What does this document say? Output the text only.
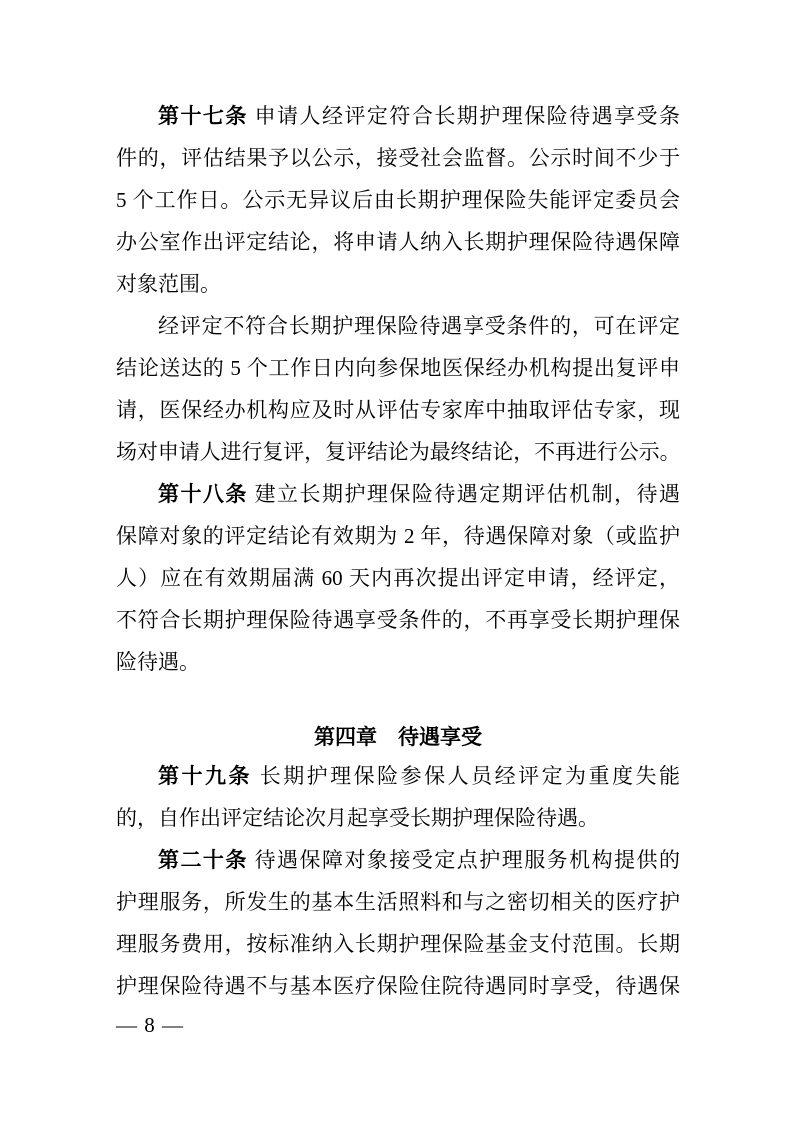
第十七条 申请人经评定符合长期护理保险待遇享受条
件的，评估结果予以公示，接受社会监督。公示时间不少于
5 个工作日。公示无异议后由长期护理保险失能评定委员会
办公室作出评定结论，将申请人纳入长期护理保险待遇保障
对象范围。
经评定不符合长期护理保险待遇享受条件的，可在评定
结论送达的 5 个工作日内向参保地医保经办机构提出复评申
请，医保经办机构应及时从评估专家库中抽取评估专家，现
场对申请人进行复评，复评结论为最终结论，不再进行公示。
第十八条 建立长期护理保险待遇定期评估机制，待遇
保障对象的评定结论有效期为 2 年，待遇保障对象（或监护
人）应在有效期届满 60 天内再次提出评定申请，经评定，
不符合长期护理保险待遇享受条件的，不再享受长期护理保
险待遇。
第四章　待遇享受
第十九条 长期护理保险参保人员经评定为重度失能
的，自作出评定结论次月起享受长期护理保险待遇。
第二十条 待遇保障对象接受定点护理服务机构提供的
护理服务，所发生的基本生活照料和与之密切相关的医疗护
理服务费用，按标准纳入长期护理保险基金支付范围。长期
护理保险待遇不与基本医疗保险住院待遇同时享受，待遇保
— 8 —
